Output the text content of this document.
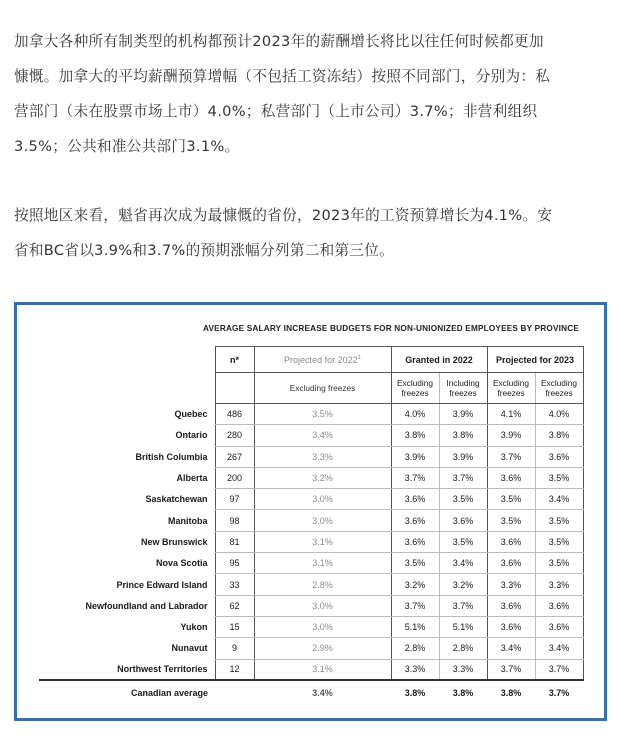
加拿大各种所有制类型的机构都预计2023年的薪酬增长将比以往任何时候都更加
慷慨。加拿大的平均薪酬预算增幅（不包括工资冻结）按照不同部门，分别为：私
营部门（未在股票市场上市）4.0%；私营部门（上市公司）3.7%；非营利组织
3.5%；公共和准公共部门3.1%。
按照地区来看，魁省再次成为最慷慨的省份，2023年的工资预算增长为4.1%。安
省和BC省以3.9%和3.7%的预期涨幅分列第二和第三位。
AVERAGE SALARY INCREASE BUDGETS FOR NON-UNIONIZED EMPLOYEES BY PROVINCE
	n*	Projected for 2022$^1$	Granted in 2022		Projected for 2023	
		Excluding freezes	Excluding freezes	Including freezes	Excluding freezes	Excluding freezes
Quebec	486	3.5%	4.0%	3.9%	4.1%	4.0%
Ontario	280	3.4%	3.8%	3.8%	3.9%	3.8%
British Columbia	267	3.3%	3.9%	3.9%	3.7%	3.6%
Alberta	200	3.2%	3.7%	3.7%	3.6%	3.5%
Saskatchewan	97	3.0%	3.6%	3.5%	3.5%	3.4%
Manitoba	98	3.0%	3.6%	3.6%	3.5%	3.5%
New Brunswick	81	3.1%	3.6%	3.5%	3.6%	3.5%
Nova Scotia	95	3.1%	3.5%	3.4%	3.6%	3.5%
Prince Edward Island	33	2.8%	3.2%	3.2%	3.3%	3.3%
Newfoundland and Labrador	62	3.0%	3.7%	3.7%	3.6%	3.6%
Yukon	15	3.0%	5.1%	5.1%	3.6%	3.6%
Nunavut	9	2.9%	2.8%	2.8%	3.4%	3.4%
Northwest Territories	12	3.1%	3.3%	3.3%	3.7%	3.7%
Canadian average		3.4%	3.8%	3.8%	3.8%	3.7%
